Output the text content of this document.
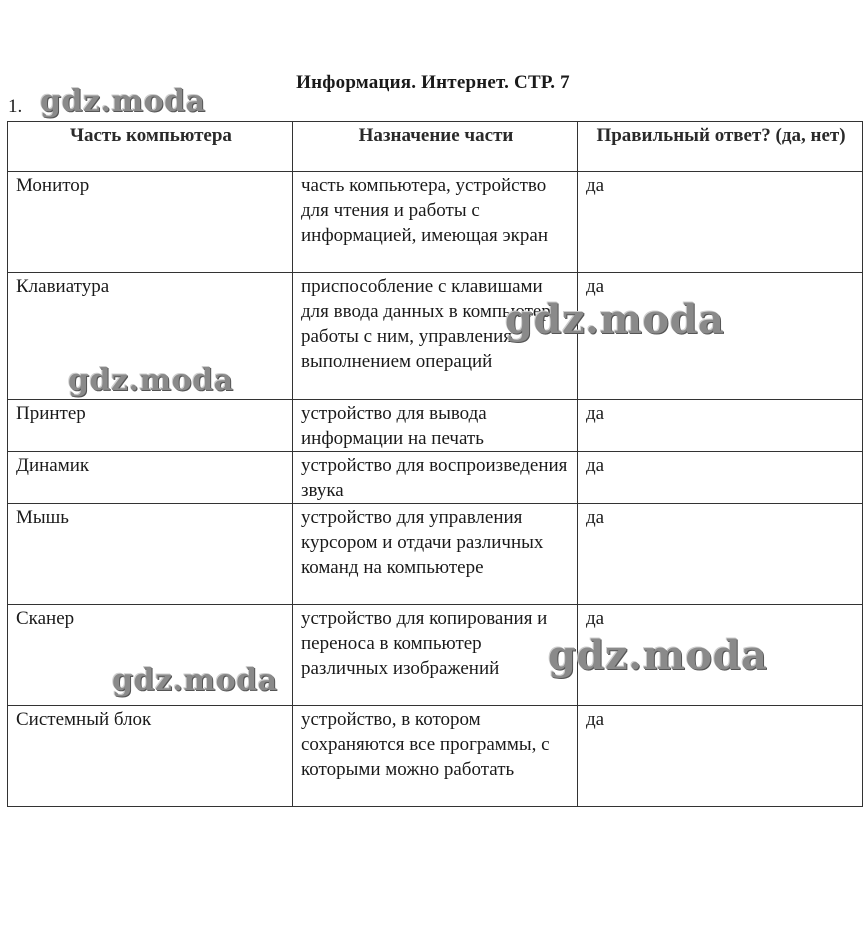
Информация. Интернет. СТР. 7
1.
Часть компьютера	Назначение части	Правильный ответ? (да, нет)
Монитор	часть компьютера, устройство для чтения и работы с информацией, имеющая экран	да
Клавиатура	приспособление с клавишами для ввода данных в компьютер, работы с ним, управления выполнением операций	да
Принтер	устройство для вывода информации на печать	да
Динамик	устройство для воспроизведения звука	да
Мышь	устройство для управления курсором и отдачи различных команд на компьютере	да
Сканер	устройство для копирования и переноса в компьютер различных изображений	да
Системный блок	устройство, в котором сохраняются все программы, с которыми можно работать	да
gdz.moda
gdz.moda
gdz.moda
gdz.moda
gdz.moda
